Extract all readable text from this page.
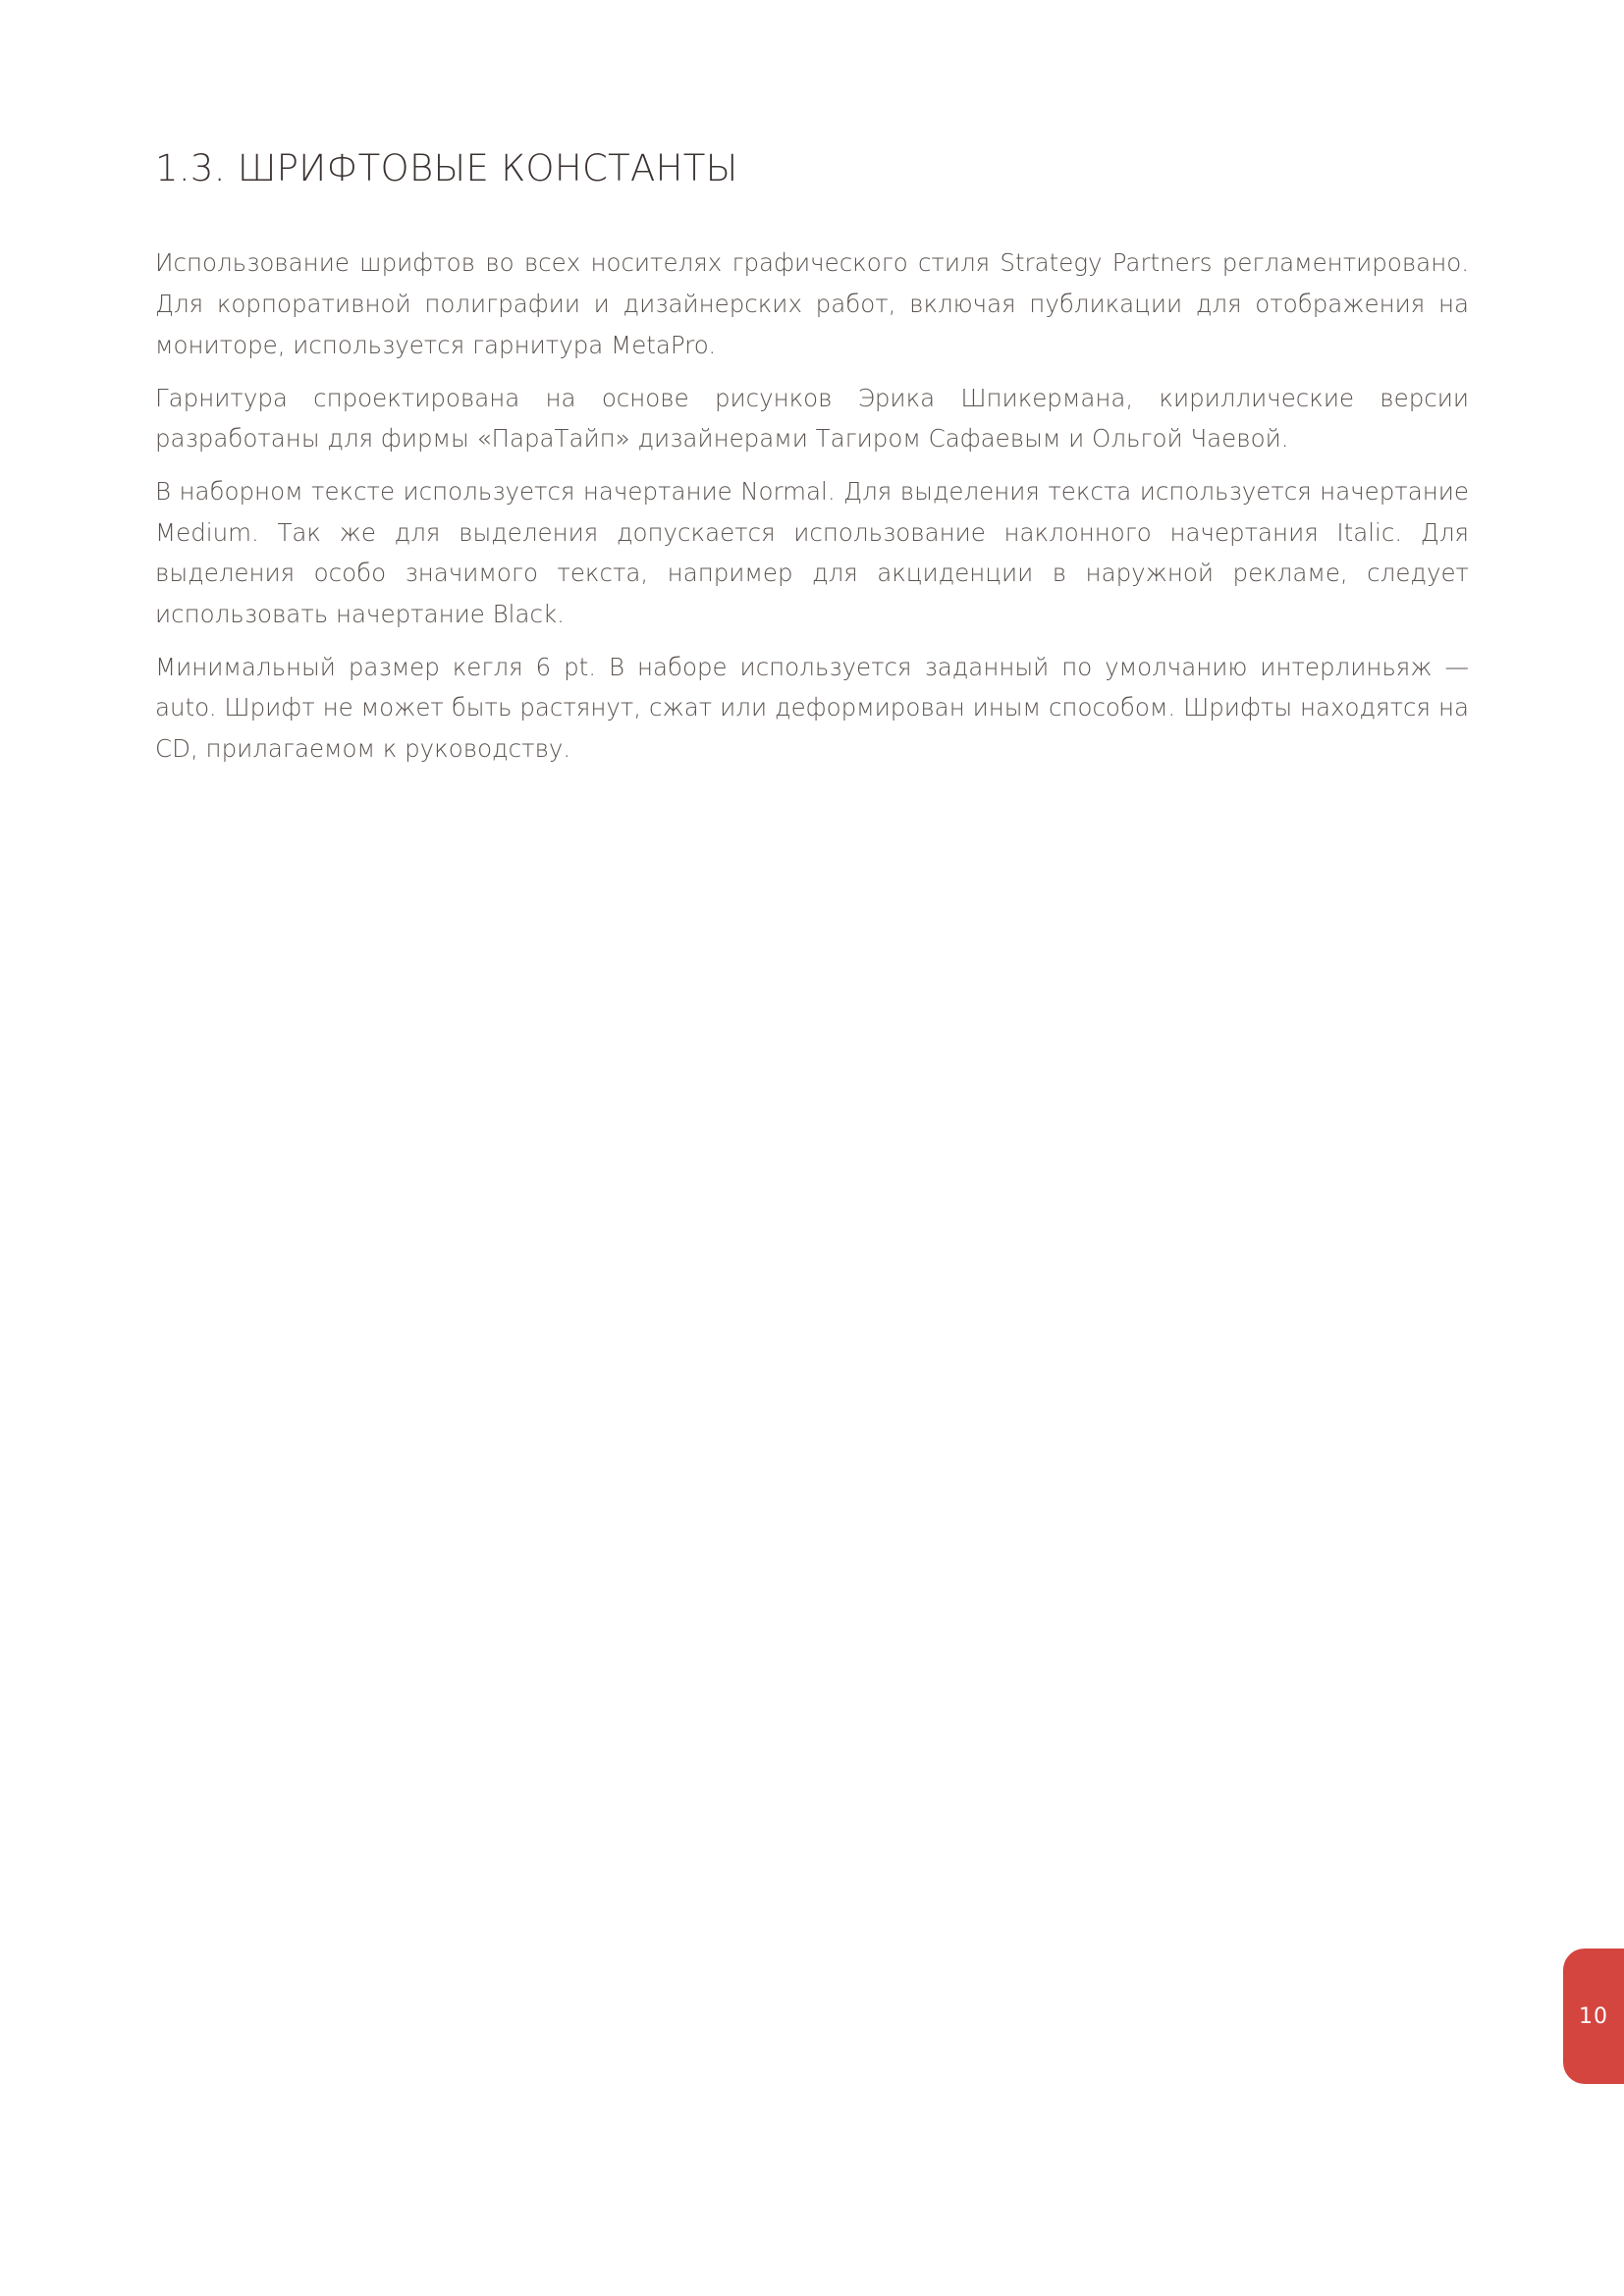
1.3. ШРИФТОВЫЕ КОНСТАНТЫ

Использование шрифтов во всех носителях графического стиля Strategy Partners регламентировано. Для корпоративной полиграфии и дизайнерских работ, включая публикации для отображения на мониторе, используется гарнитура MetaPro.

Гарнитура спроектирована на основе рисунков Эрика Шпикермана, кириллические версии разработаны для фирмы «ПараТайп» дизайнерами Тагиром Сафаевым и Ольгой Чаевой.

В наборном тексте используется начертание Normal. Для выделения текста используется начертание Medium. Так же для выделения допускается использование наклонного начертания Italic. Для выделения особо значимого текста, например для акциденции в наружной рекламе, следует использовать начертание Black.

Минимальный размер кегля 6 pt. В наборе используется заданный по умолчанию интерлиньяж — auto. Шрифт не может быть растянут, сжат или деформирован иным способом. Шрифты находятся на CD, прилагаемом к руководству.

10
